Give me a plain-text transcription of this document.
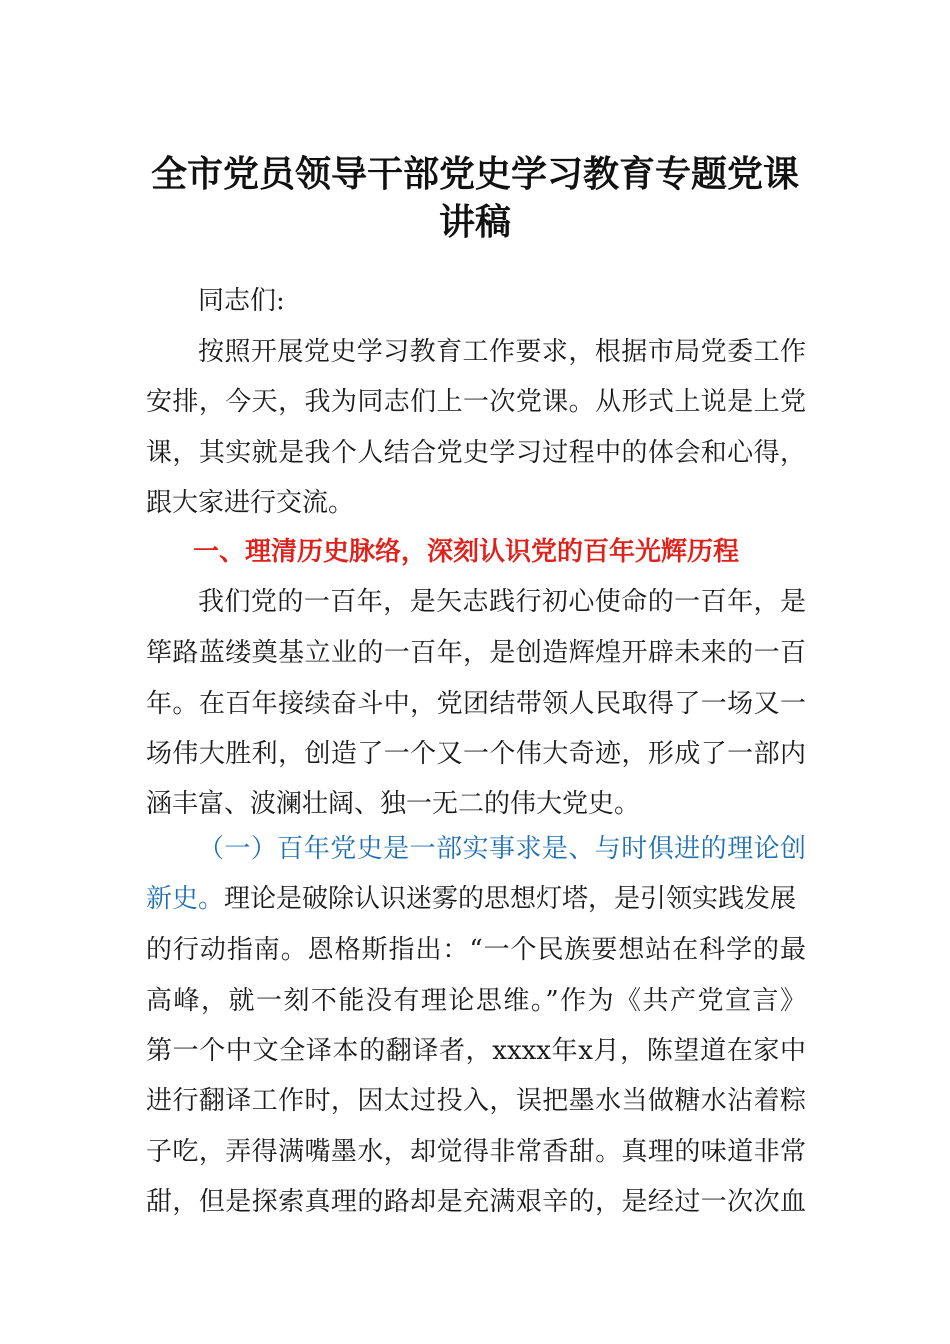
全市党员领导干部党史学习教育专题党课
讲稿
同志们:
按照开展党史学习教育工作要求，根据市局党委工作
安排，今天，我为同志们上一次党课。从形式上说是上党
课，其实就是我个人结合党史学习过程中的体会和心得，
跟大家进行交流。
一、理清历史脉络，深刻认识党的百年光辉历程
我们党的一百年，是矢志践行初心使命的一百年，是
筚路蓝缕奠基立业的一百年，是创造辉煌开辟未来的一百
年。在百年接续奋斗中，党团结带领人民取得了一场又一
场伟大胜利，创造了一个又一个伟大奇迹，形成了一部内
涵丰富、波澜壮阔、独一无二的伟大党史。
（一）百年党史是一部实事求是、与时俱进的理论创
新史。理论是破除认识迷雾的思想灯塔，是引领实践发展
的行动指南。恩格斯指出：“一个民族要想站在科学的最
高峰，就一刻不能没有理论思维。”作为《共产党宣言》
第一个中文全译本的翻译者，xxxx年x月，陈望道在家中
进行翻译工作时，因太过投入，误把墨水当做糖水沾着粽
子吃，弄得满嘴墨水，却觉得非常香甜。真理的味道非常
甜，但是探索真理的路却是充满艰辛的，是经过一次次血
